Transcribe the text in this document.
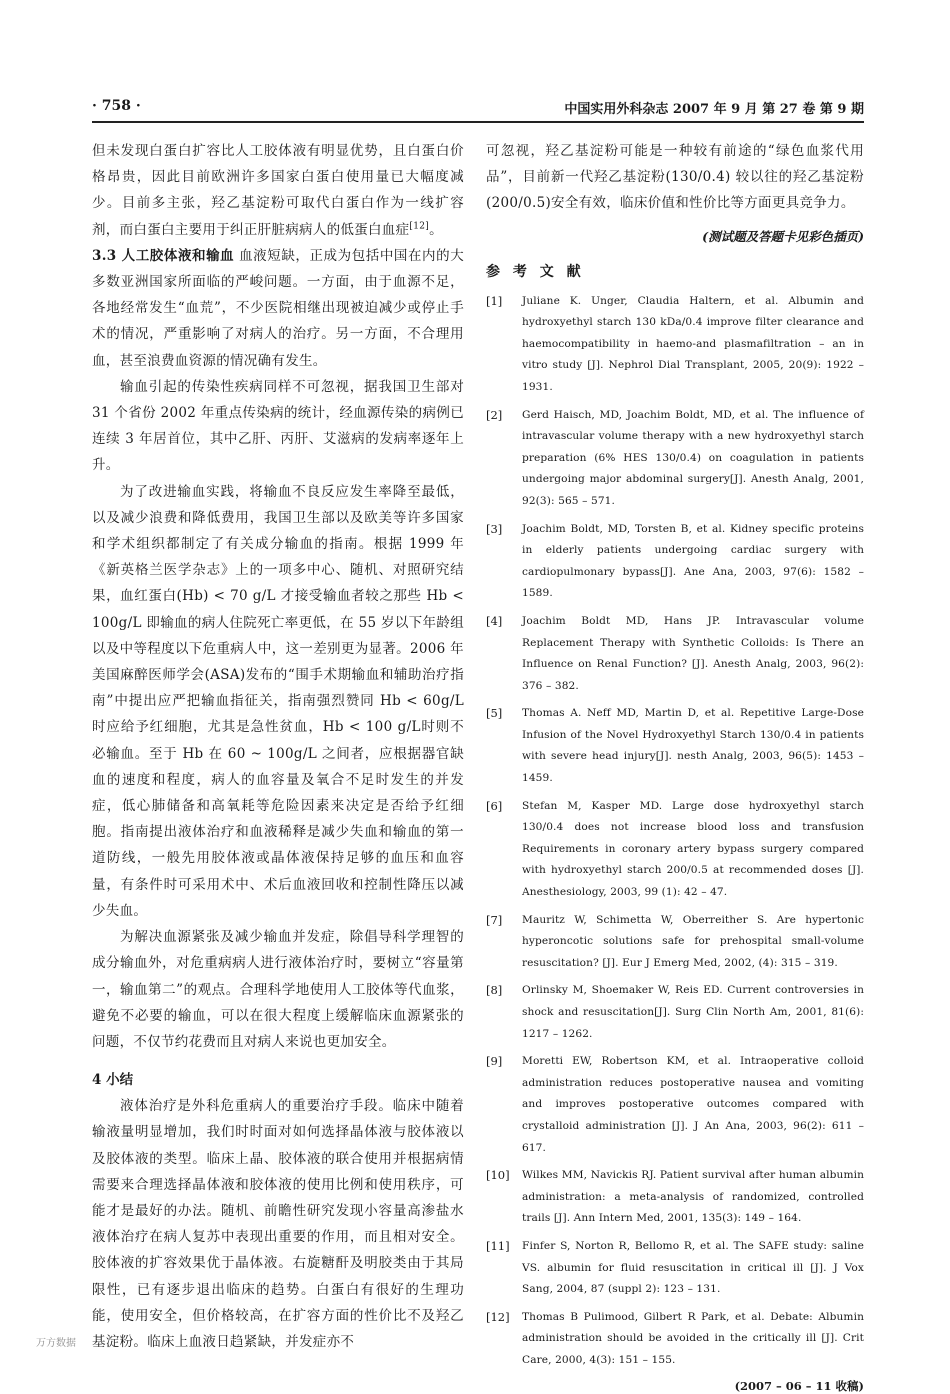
· 758 ·	中国实用外科杂志 2007 年 9 月 第 27 卷 第 9 期

但未发现白蛋白扩容比人工胶体液有明显优势，且白蛋白价格昂贵，因此目前欧洲许多国家白蛋白使用量已大幅度减少。目前多主张，羟乙基淀粉可取代白蛋白作为一线扩容剂，而白蛋白主要用于纠正肝脏病病人的低蛋白血症[12]。

3.3 人工胶体液和输血 血液短缺，正成为包括中国在内的大多数亚洲国家所面临的严峻问题。一方面，由于血源不足，各地经常发生“血荒”，不少医院相继出现被迫减少或停止手术的情况，严重影响了对病人的治疗。另一方面，不合理用血，甚至浪费血资源的情况确有发生。

输血引起的传染性疾病同样不可忽视，据我国卫生部对 31 个省份 2002 年重点传染病的统计，经血源传染的病例已连续 3 年居首位，其中乙肝、丙肝、艾滋病的发病率逐年上升。

为了改进输血实践，将输血不良反应发生率降至最低，以及减少浪费和降低费用，我国卫生部以及欧美等许多国家和学术组织都制定了有关成分输血的指南。根据 1999 年《新英格兰医学杂志》上的一项多中心、随机、对照研究结果，血红蛋白(Hb) < 70 g/L 才接受输血者较之那些 Hb < 100g/L 即输血的病人住院死亡率更低，在 55 岁以下年龄组以及中等程度以下危重病人中，这一差别更为显著。2006 年美国麻醉医师学会(ASA)发布的“围手术期输血和辅助治疗指南”中提出应严把输血指征关，指南强烈赞同 Hb < 60g/L 时应给予红细胞，尤其是急性贫血，Hb < 100 g/L时则不必输血。至于 Hb 在 60 ~ 100g/L 之间者，应根据器官缺血的速度和程度，病人的血容量及氧合不足时发生的并发症，低心肺储备和高氧耗等危险因素来决定是否给予红细胞。指南提出液体治疗和血液稀释是减少失血和输血的第一道防线，一般先用胶体液或晶体液保持足够的血压和血容量，有条件时可采用术中、术后血液回收和控制性降压以减少失血。

为解决血源紧张及减少输血并发症，除倡导科学理智的成分输血外，对危重病病人进行液体治疗时，要树立“容量第一，输血第二”的观点。合理科学地使用人工胶体等代血浆，避免不必要的输血，可以在很大程度上缓解临床血源紧张的问题，不仅节约花费而且对病人来说也更加安全。

4 小结

液体治疗是外科危重病人的重要治疗手段。临床中随着输液量明显增加，我们时时面对如何选择晶体液与胶体液以及胶体液的类型。临床上晶、胶体液的联合使用并根据病情需要来合理选择晶体液和胶体液的使用比例和使用秩序，可能才是最好的办法。随机、前瞻性研究发现小容量高渗盐水液体治疗在病人复苏中表现出重要的作用，而且相对安全。胶体液的扩容效果优于晶体液。右旋糖酐及明胶类由于其局限性，已有逐步退出临床的趋势。白蛋白有很好的生理功能，使用安全，但价格较高，在扩容方面的性价比不及羟乙基淀粉。临床上血液日趋紧缺，并发症亦不

可忽视，羟乙基淀粉可能是一种较有前途的“绿色血浆代用品”，目前新一代羟乙基淀粉(130/0.4) 较以往的羟乙基淀粉(200/0.5)安全有效，临床价值和性价比等方面更具竞争力。

(测试题及答题卡见彩色插页)

参 考 文 献

[1]	Juliane K. Unger, Claudia Haltern, et al. Albumin and hydroxyethyl starch 130 kDa/0.4 improve filter clearance and haemocompatibility in haemo-and plasmafiltration – an in vitro study [J]. Nephrol Dial Transplant, 2005, 20(9): 1922 – 1931.
[2]	Gerd Haisch, MD, Joachim Boldt, MD, et al. The influence of intravascular volume therapy with a new hydroxyethyl starch preparation (6% HES 130/0.4) on coagulation in patients undergoing major abdominal surgery[J]. Anesth Analg, 2001, 92(3): 565 – 571.
[3]	Joachim Boldt, MD, Torsten B, et al. Kidney specific proteins in elderly patients undergoing cardiac surgery with cardiopulmonary bypass[J]. Ane Ana, 2003, 97(6): 1582 – 1589.
[4]	Joachim Boldt MD, Hans JP. Intravascular volume Replacement Therapy with Synthetic Colloids: Is There an Influence on Renal Function? [J]. Anesth Analg, 2003, 96(2): 376 – 382.
[5]	Thomas A. Neff MD, Martin D, et al. Repetitive Large-Dose Infusion of the Novel Hydroxyethyl Starch 130/0.4 in patients with severe head injury[J]. nesth Analg, 2003, 96(5): 1453 – 1459.
[6]	Stefan M, Kasper MD. Large dose hydroxyethyl starch 130/0.4 does not increase blood loss and transfusion Requirements in coronary artery bypass surgery compared with hydroxyethyl starch 200/0.5 at recommended doses [J]. Anesthesiology, 2003, 99 (1): 42 – 47.
[7]	Mauritz W, Schimetta W, Oberreither S. Are hypertonic hyperoncotic solutions safe for prehospital small-volume resuscitation? [J]. Eur J Emerg Med, 2002, (4): 315 – 319.
[8]	Orlinsky M, Shoemaker W, Reis ED. Current controversies in shock and resuscitation[J]. Surg Clin North Am, 2001, 81(6): 1217 – 1262.
[9]	Moretti EW, Robertson KM, et al. Intraoperative colloid administration reduces postoperative nausea and vomiting and improves postoperative outcomes compared with crystalloid administration [J]. J An Ana, 2003, 96(2): 611 – 617.
[10]	Wilkes MM, Navickis RJ. Patient survival after human albumin administration: a meta-analysis of randomized, controlled trails [J]. Ann Intern Med, 2001, 135(3): 149 – 164.
[11]	Finfer S, Norton R, Bellomo R, et al. The SAFE study: saline VS. albumin for fluid resuscitation in critical ill [J]. J Vox Sang, 2004, 87 (suppl 2): 123 – 131.
[12]	Thomas B Pulimood, Gilbert R Park, et al. Debate: Albumin administration should be avoided in the critically ill [J]. Crit Care, 2000, 4(3): 151 – 155.
(2007 – 06 – 11 收稿)
万方数据
